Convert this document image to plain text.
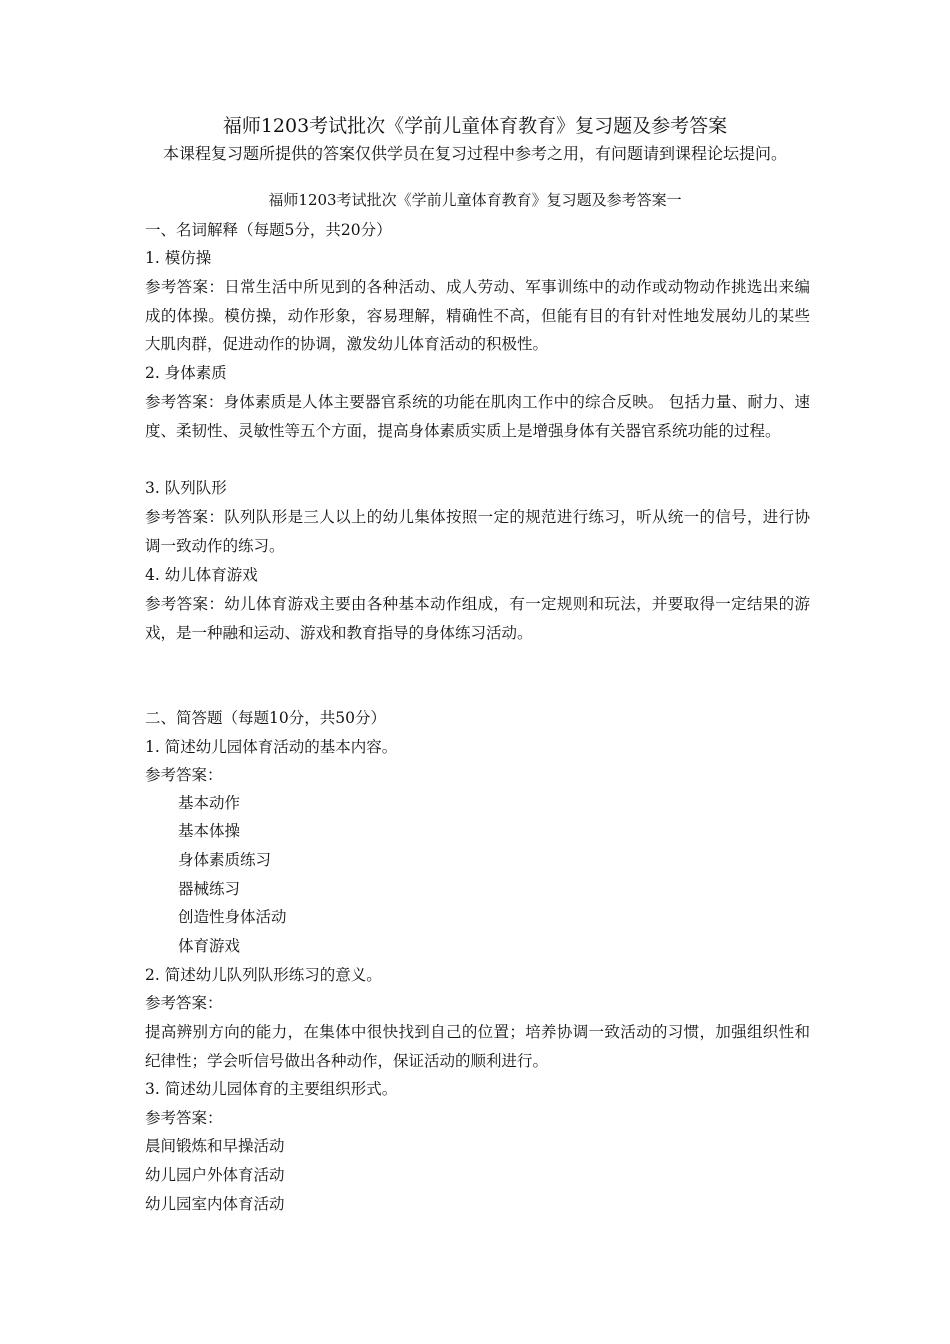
福师1203考试批次《学前儿童体育教育》复习题及参考答案
本课程复习题所提供的答案仅供学员在复习过程中参考之用，有问题请到课程论坛提问。
福师1203考试批次《学前儿童体育教育》复习题及参考答案一
一、名词解释（每题5分，共20分）
1. 模仿操
参考答案：日常生活中所见到的各种活动、成人劳动、军事训练中的动作或动物动作挑选出来编成的体操。模仿操，动作形象，容易理解，精确性不高，但能有目的有针对性地发展幼儿的某些大肌肉群，促进动作的协调，激发幼儿体育活动的积极性。
2. 身体素质
参考答案：身体素质是人体主要器官系统的功能在肌肉工作中的综合反映。 包括力量、耐力、速度、柔韧性、灵敏性等五个方面，提高身体素质实质上是增强身体有关器官系统功能的过程。
3. 队列队形
参考答案：队列队形是三人以上的幼儿集体按照一定的规范进行练习，听从统一的信号，进行协调一致动作的练习。
4. 幼儿体育游戏
参考答案：幼儿体育游戏主要由各种基本动作组成，有一定规则和玩法，并要取得一定结果的游戏，是一种融和运动、游戏和教育指导的身体练习活动。
二、简答题（每题10分，共50分）
1. 简述幼儿园体育活动的基本内容。
参考答案：
基本动作
基本体操
身体素质练习
器械练习
创造性身体活动
体育游戏
2. 简述幼儿队列队形练习的意义。
参考答案：
提高辨别方向的能力，在集体中很快找到自己的位置；培养协调一致活动的习惯，加强组织性和纪律性；学会听信号做出各种动作，保证活动的顺利进行。
3. 简述幼儿园体育的主要组织形式。
参考答案：
晨间锻炼和早操活动
幼儿园户外体育活动
幼儿园室内体育活动
